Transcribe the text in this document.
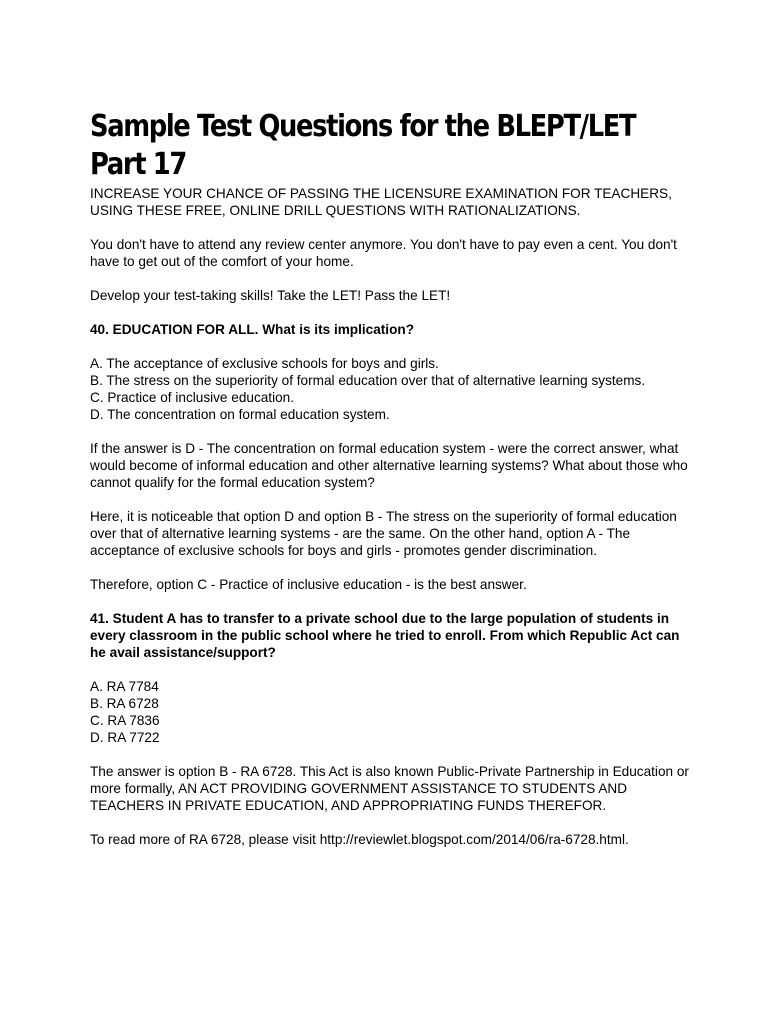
Sample Test Questions for the BLEPT/LET
Part 17

INCREASE YOUR CHANCE OF PASSING THE LICENSURE EXAMINATION FOR TEACHERS, USING THESE FREE, ONLINE DRILL QUESTIONS WITH RATIONALIZATIONS.

You don't have to attend any review center anymore. You don't have to pay even a cent. You don't have to get out of the comfort of your home.

Develop your test-taking skills! Take the LET! Pass the LET!

40. EDUCATION FOR ALL. What is its implication?

A. The acceptance of exclusive schools for boys and girls.
B. The stress on the superiority of formal education over that of alternative learning systems.
C. Practice of inclusive education.
D. The concentration on formal education system.

If the answer is D - The concentration on formal education system - were the correct answer, what would become of informal education and other alternative learning systems? What about those who cannot qualify for the formal education system?

Here, it is noticeable that option D and option B - The stress on the superiority of formal education over that of alternative learning systems - are the same. On the other hand, option A - The acceptance of exclusive schools for boys and girls - promotes gender discrimination.

Therefore, option C - Practice of inclusive education - is the best answer.

41. Student A has to transfer to a private school due to the large population of students in every classroom in the public school where he tried to enroll. From which Republic Act can he avail assistance/support?

A. RA 7784
B. RA 6728
C. RA 7836
D. RA 7722

The answer is option B - RA 6728. This Act is also known Public-Private Partnership in Education or more formally, AN ACT PROVIDING GOVERNMENT ASSISTANCE TO STUDENTS AND TEACHERS IN PRIVATE EDUCATION, AND APPROPRIATING FUNDS THEREFOR.

To read more of RA 6728, please visit http://reviewlet.blogspot.com/2014/06/ra-6728.html.
